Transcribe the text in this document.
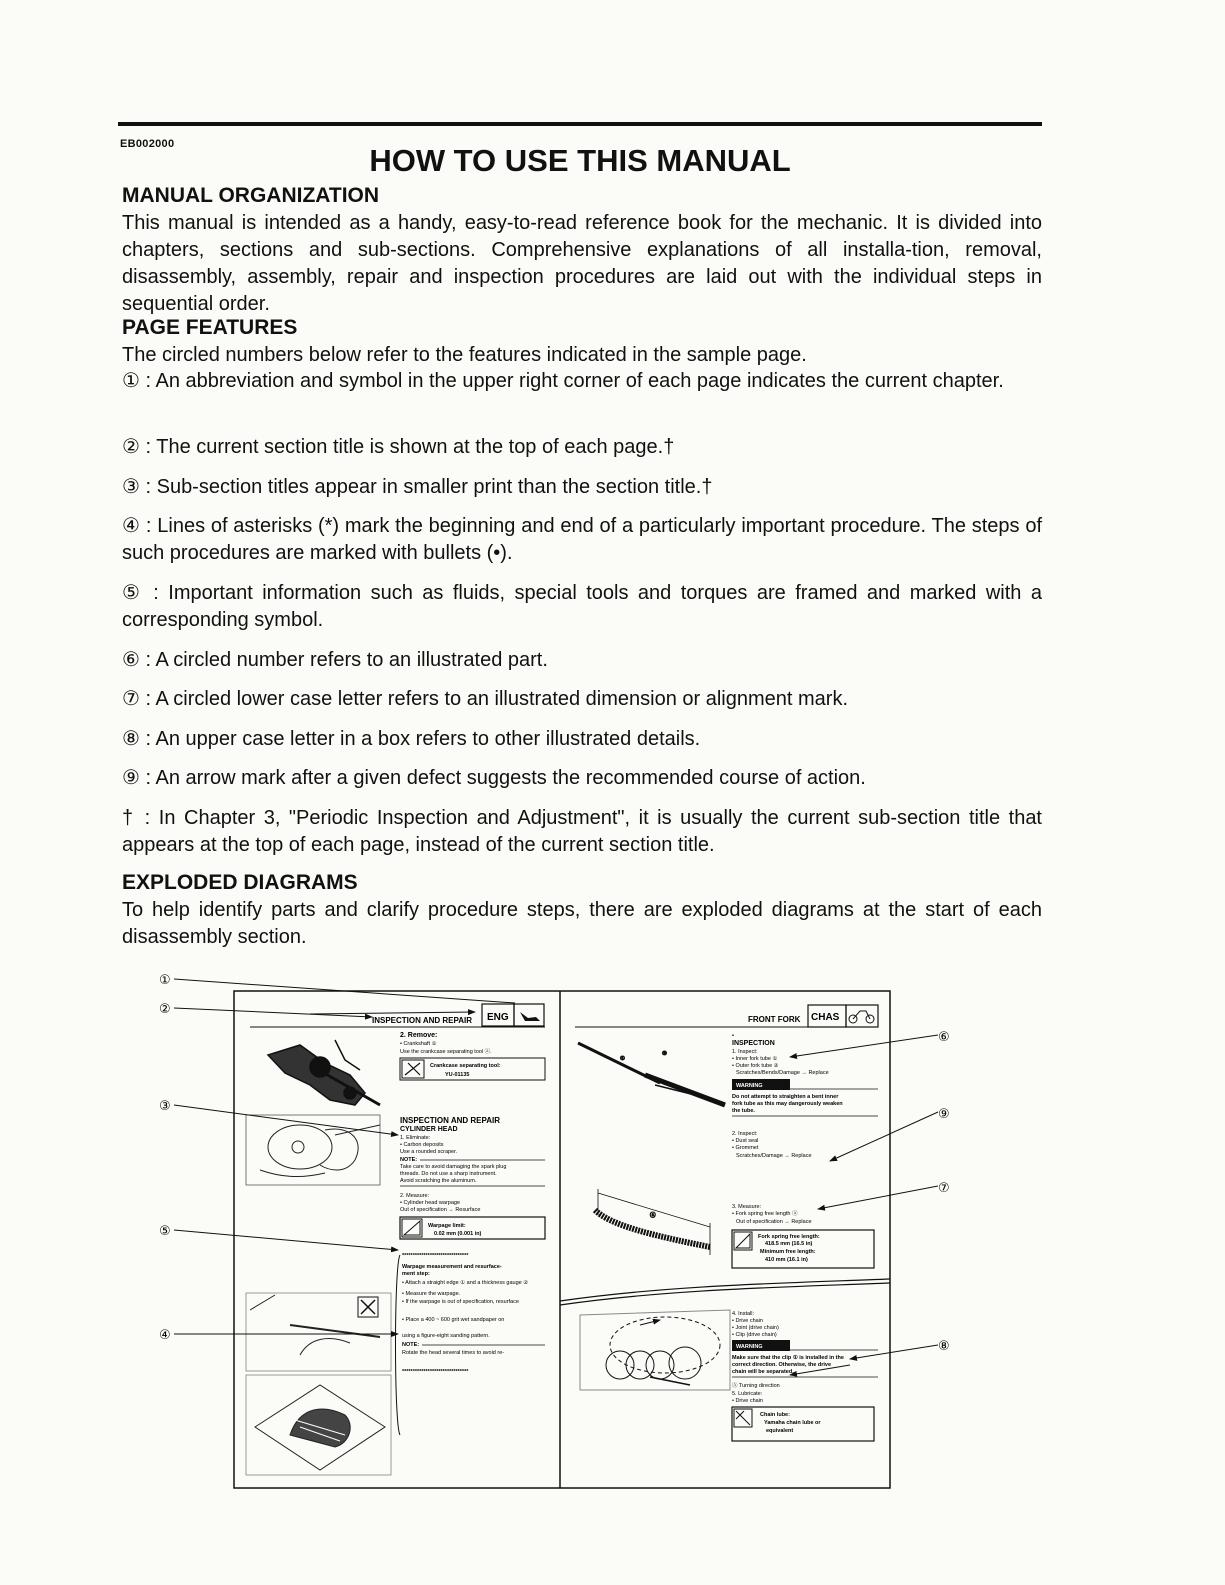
EB002000	HOW TO USE THIS MANUAL
MANUAL ORGANIZATION

This manual is intended as a handy, easy-to-read reference book for the mechanic. It is divided into chapters, sections and sub-sections. Comprehensive explanations of all installa-tion, removal, disassembly, assembly, repair and inspection procedures are laid out with the individual steps in sequential order.

PAGE FEATURES

The circled numbers below refer to the features indicated in the sample page.

① : An abbreviation and symbol in the upper right corner of each page indicates the current chapter.

② : The current section title is shown at the top of each page.†

③ : Sub-section titles appear in smaller print than the section title.†

④ : Lines of asterisks (*) mark the beginning and end of a particularly important procedure. The steps of such procedures are marked with bullets (•).

⑤ : Important information such as fluids, special tools and torques are framed and marked with a corresponding symbol.

⑥ : A circled number refers to an illustrated part.

⑦ : A circled lower case letter refers to an illustrated dimension or alignment mark.

⑧ : An upper case letter in a box refers to other illustrated details.

⑨ : An arrow mark after a given defect suggests the recommended course of action.

† : In Chapter 3, "Periodic Inspection and Adjustment", it is usually the current sub-section title that appears at the top of each page, instead of the current section title.

EXPLODED DIAGRAMS

To help identify parts and clarify procedure steps, there are exploded diagrams at the start of each disassembly section.

INSPECTION AND REPAIR ENG
2. Remove:
• Crankshaft ①
Use the crankcase separating tool ⓐ.
Crankcase separating tool:
YU-01135
INSPECTION AND REPAIR
CYLINDER HEAD
1. Eliminate:
• Carbon deposits
Use a rounded scraper.
NOTE:
Take care to avoid damaging the spark plug
threads. Do not use a sharp instrument.
Avoid scratching the aluminum.
2. Measure:
• Cylinder head warpage
Out of specification → Resurface
Warpage limit:
0.02 mm (0.001 in)
*******************************
Warpage measurement and resurface-
ment step:
• Attach a straight edge ① and a thickness gauge ②
• Measure the warpage.
• If the warpage is out of specification, resurface
• Place a 400 ~ 600 grit wet sandpaper on
using a figure-eight sanding pattern.
NOTE:
Rotate the head several times to avoid re-
*******************************
FRONT FORK CHAS
①
②
•
INSPECTION
1. Inspect:
• Inner fork tube ①
• Outer fork tube ②
Scratches/Bends/Damage → Replace
WARNING
Do not attempt to straighten a bent inner
fork tube as this may dangerously weaken
the tube.
2. Inspect:
• Dust seal
• Grommet
Scratches/Damage → Replace
ⓐ
3. Measure:
• Fork spring free length ⓐ
Out of specification → Replace
Fork spring free length:
418.5 mm (16.5 in)
Minimum free length:
410 mm (16.1 in)
4. Install:
• Drive chain
• Joint (drive chain)
• Clip (drive chain)
WARNING
Make sure that the clip ① is installed in the
correct direction. Otherwise, the drive
chain will be separated.
Ⓐ Turning direction
5. Lubricate:
• Drive chain
Chain lube:
Yamaha chain lube or
equivalent
①
②
③
⑤
④
⑥
⑨
⑦
⑧
